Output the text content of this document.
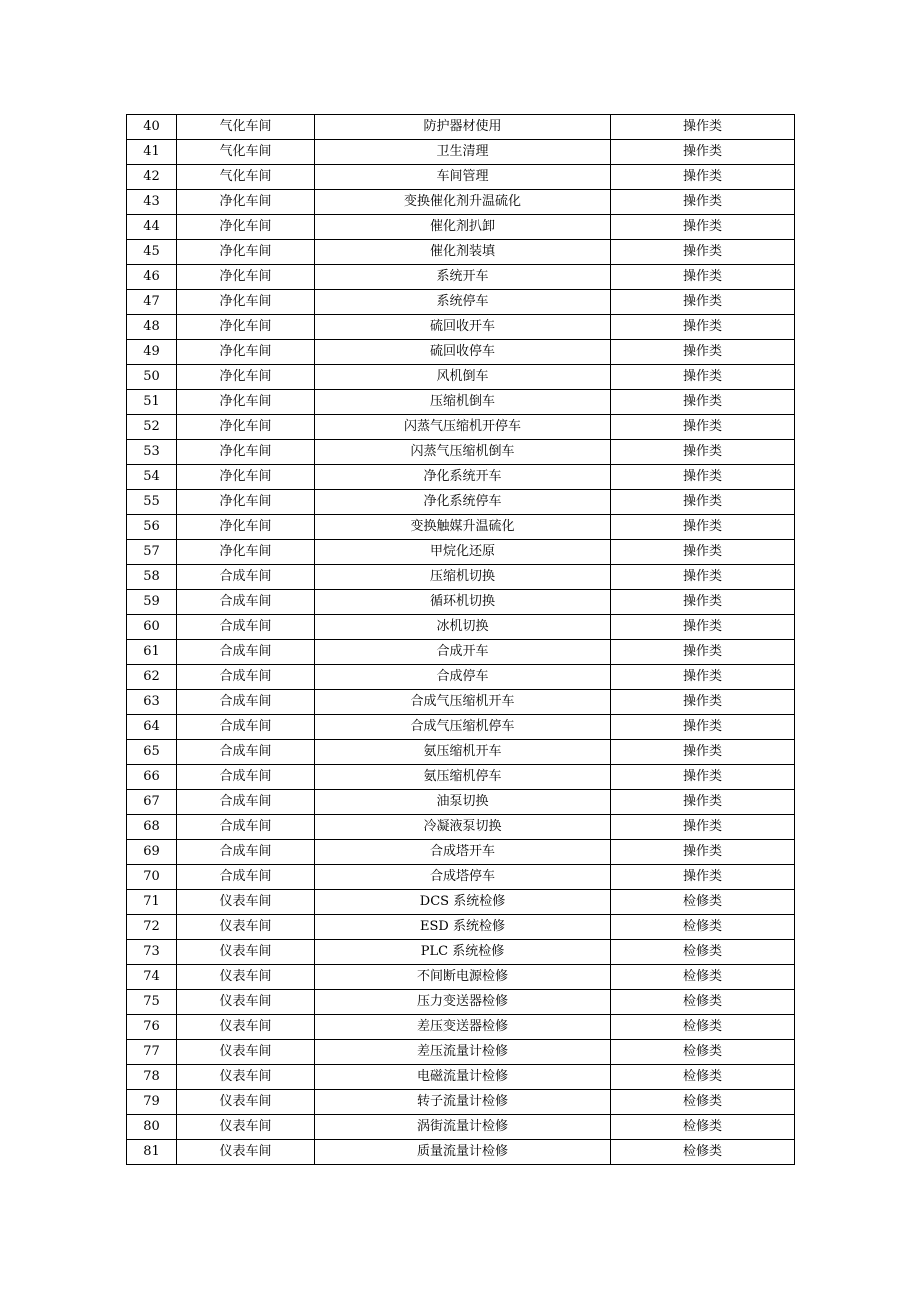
40	气化车间	防护器材使用	操作类
41	气化车间	卫生清理	操作类
42	气化车间	车间管理	操作类
43	净化车间	变换催化剂升温硫化	操作类
44	净化车间	催化剂扒卸	操作类
45	净化车间	催化剂装填	操作类
46	净化车间	系统开车	操作类
47	净化车间	系统停车	操作类
48	净化车间	硫回收开车	操作类
49	净化车间	硫回收停车	操作类
50	净化车间	风机倒车	操作类
51	净化车间	压缩机倒车	操作类
52	净化车间	闪蒸气压缩机开停车	操作类
53	净化车间	闪蒸气压缩机倒车	操作类
54	净化车间	净化系统开车	操作类
55	净化车间	净化系统停车	操作类
56	净化车间	变换触媒升温硫化	操作类
57	净化车间	甲烷化还原	操作类
58	合成车间	压缩机切换	操作类
59	合成车间	循环机切换	操作类
60	合成车间	冰机切换	操作类
61	合成车间	合成开车	操作类
62	合成车间	合成停车	操作类
63	合成车间	合成气压缩机开车	操作类
64	合成车间	合成气压缩机停车	操作类
65	合成车间	氨压缩机开车	操作类
66	合成车间	氨压缩机停车	操作类
67	合成车间	油泵切换	操作类
68	合成车间	冷凝液泵切换	操作类
69	合成车间	合成塔开车	操作类
70	合成车间	合成塔停车	操作类
71	仪表车间	DCS 系统检修	检修类
72	仪表车间	ESD 系统检修	检修类
73	仪表车间	PLC 系统检修	检修类
74	仪表车间	不间断电源检修	检修类
75	仪表车间	压力变送器检修	检修类
76	仪表车间	差压变送器检修	检修类
77	仪表车间	差压流量计检修	检修类
78	仪表车间	电磁流量计检修	检修类
79	仪表车间	转子流量计检修	检修类
80	仪表车间	涡街流量计检修	检修类
81	仪表车间	质量流量计检修	检修类
